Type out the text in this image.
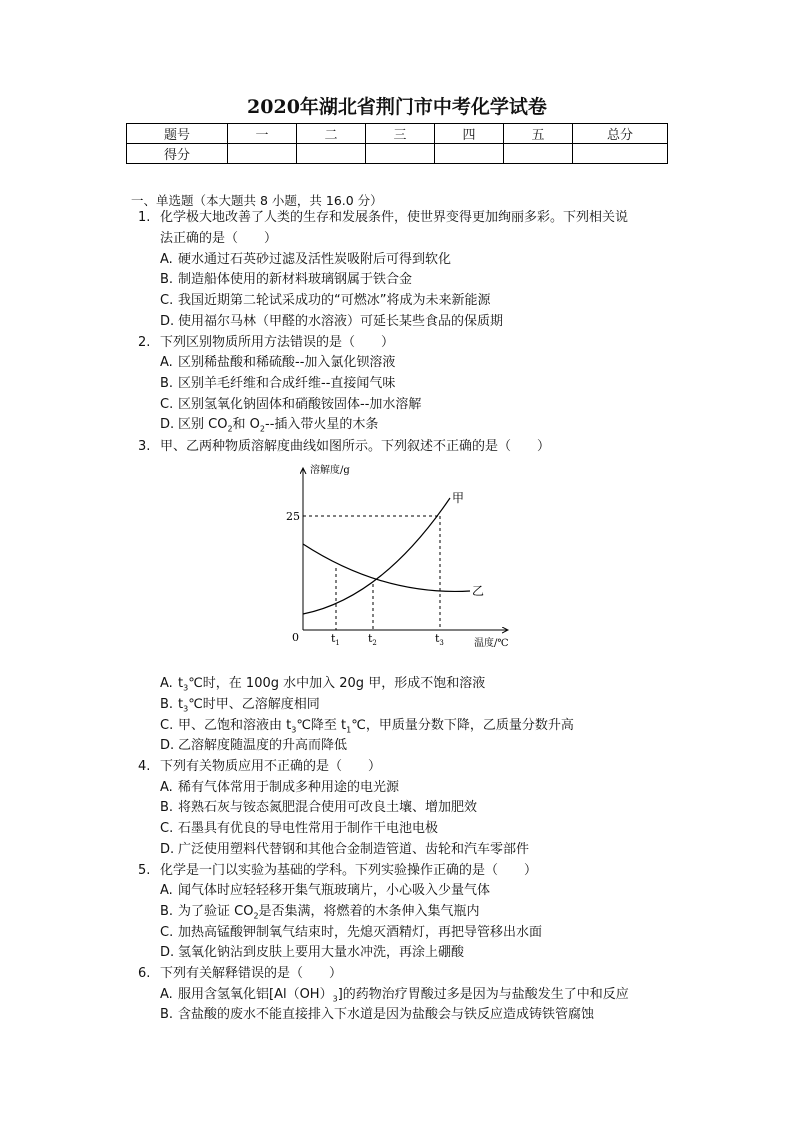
2020年湖北省荆门市中考化学试卷
题号	一	二	三	四	五	总分
得分						
一、单选题（本大题共 8 小题，共 16.0 分）
1. 化学极大地改善了人类的生存和发展条件，使世界变得更加绚丽多彩。下列相关说
法正确的是（　　）
A. 硬水通过石英砂过滤及活性炭吸附后可得到软化
B. 制造船体使用的新材料玻璃钢属于铁合金
C. 我国近期第二轮试采成功的“可燃冰”将成为未来新能源
D. 使用福尔马林（甲醛的水溶液）可延长某些食品的保质期
2. 下列区别物质所用方法错误的是（　　）
A. 区别稀盐酸和稀硫酸--加入氯化钡溶液
B. 区别羊毛纤维和合成纤维--直接闻气味
C. 区别氢氧化钠固体和硝酸铵固体--加水溶解
D. 区别 $CO_2$和 $O_2--$插入带火星的木条
3. 甲、乙两种物质溶解度曲线如图所示。下列叙述不正确的是（　　）
溶解度/g
温度/℃
0
25
甲
乙
$t_1$	$t_2$	$t_3$
A. $t_3℃$时，在 100g 水中加入 20g 甲，形成不饱和溶液
B. $t_3℃$时甲、乙溶解度相同
C. 甲、乙饱和溶液由 $t_3℃$降至 $t_1℃$，甲质量分数下降，乙质量分数升高
D. 乙溶解度随温度的升高而降低
4. 下列有关物质应用不正确的是（　　）
A. 稀有气体常用于制成多种用途的电光源
B. 将熟石灰与铵态氮肥混合使用可改良土壤、增加肥效
C. 石墨具有优良的导电性常用于制作干电池电极
D. 广泛使用塑料代替钢和其他合金制造管道、齿轮和汽车零部件
5. 化学是一门以实验为基础的学科。下列实验操作正确的是（　　）
A. 闻气体时应轻轻移开集气瓶玻璃片，小心吸入少量气体
B. 为了验证 $CO_2$是否集满，将燃着的木条伸入集气瓶内
C. 加热高锰酸钾制氧气结束时，先熄灭酒精灯，再把导管移出水面
D. 氢氧化钠沾到皮肤上要用大量水冲洗，再涂上硼酸
6. 下列有关解释错误的是（　　）
A. 服用含氢氧化铝$[Al(OH)_3]$的药物治疗胃酸过多是因为与盐酸发生了中和反应
B. 含盐酸的废水不能直接排入下水道是因为盐酸会与铁反应造成铸铁管腐蚀
